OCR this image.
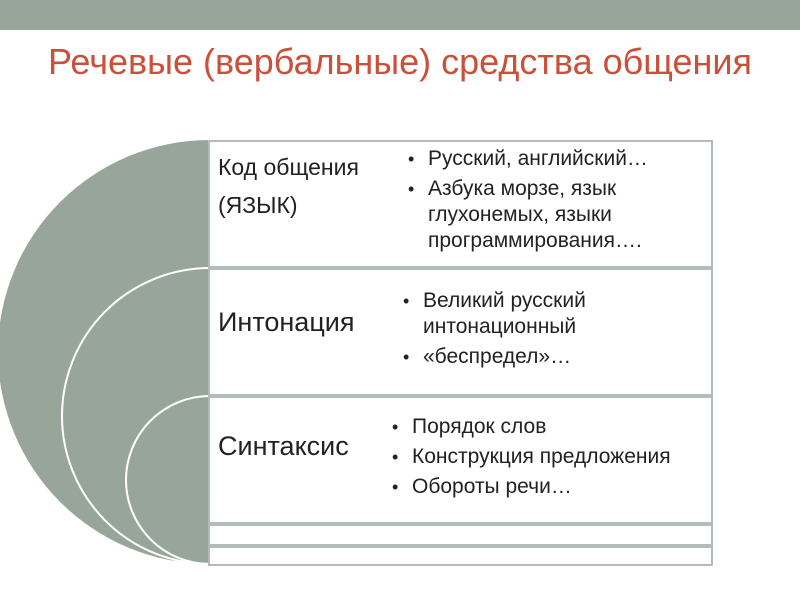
Речевые (вербальные) средства общения
Код общения (ЯЗЫК)
• Русский, английский…
• Азбука морзе, язык глухонемых, языки программирования….
Интонация
• Великий русский интонационный
• «беспредел»…
Синтаксис
• Порядок слов
• Конструкция предложения
• Обороты речи…
